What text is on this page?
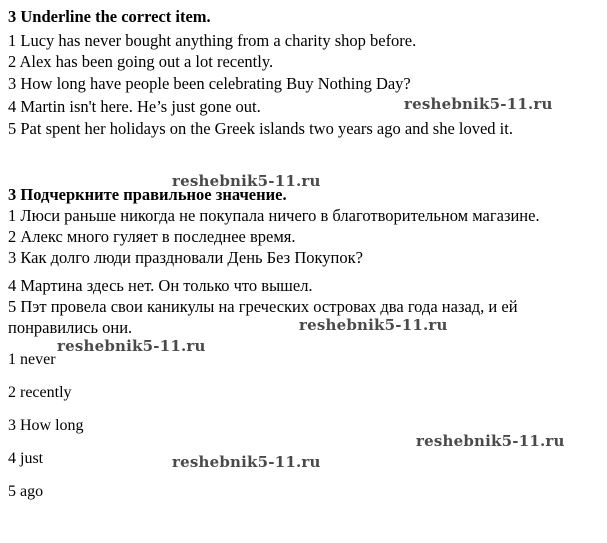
3 Underline the correct item.
1 Lucy has never bought anything from a charity shop before.
2 Alex has been going out a lot recently.
3 How long have people been celebrating Buy Nothing Day?
4 Martin isn't here. He’s just gone out.
5 Pat spent her holidays on the Greek islands two years ago and she loved it.
3 Подчеркните правильное значение.
1 Люси раньше никогда не покупала ничего в благотворительном магазине.
2 Алекс много гуляет в последнее время.
3 Как долго люди праздновали День Без Покупок?
4 Мартина здесь нет. Он только что вышел.
5 Пэт провела свои каникулы на греческих островах два года назад, и ей
понравились они.
1 never
2 recently
3 How long
4 just
5 ago
reshebnik5-11.ru
reshebnik5-11.ru
reshebnik5-11.ru
reshebnik5-11.ru
reshebnik5-11.ru
reshebnik5-11.ru
